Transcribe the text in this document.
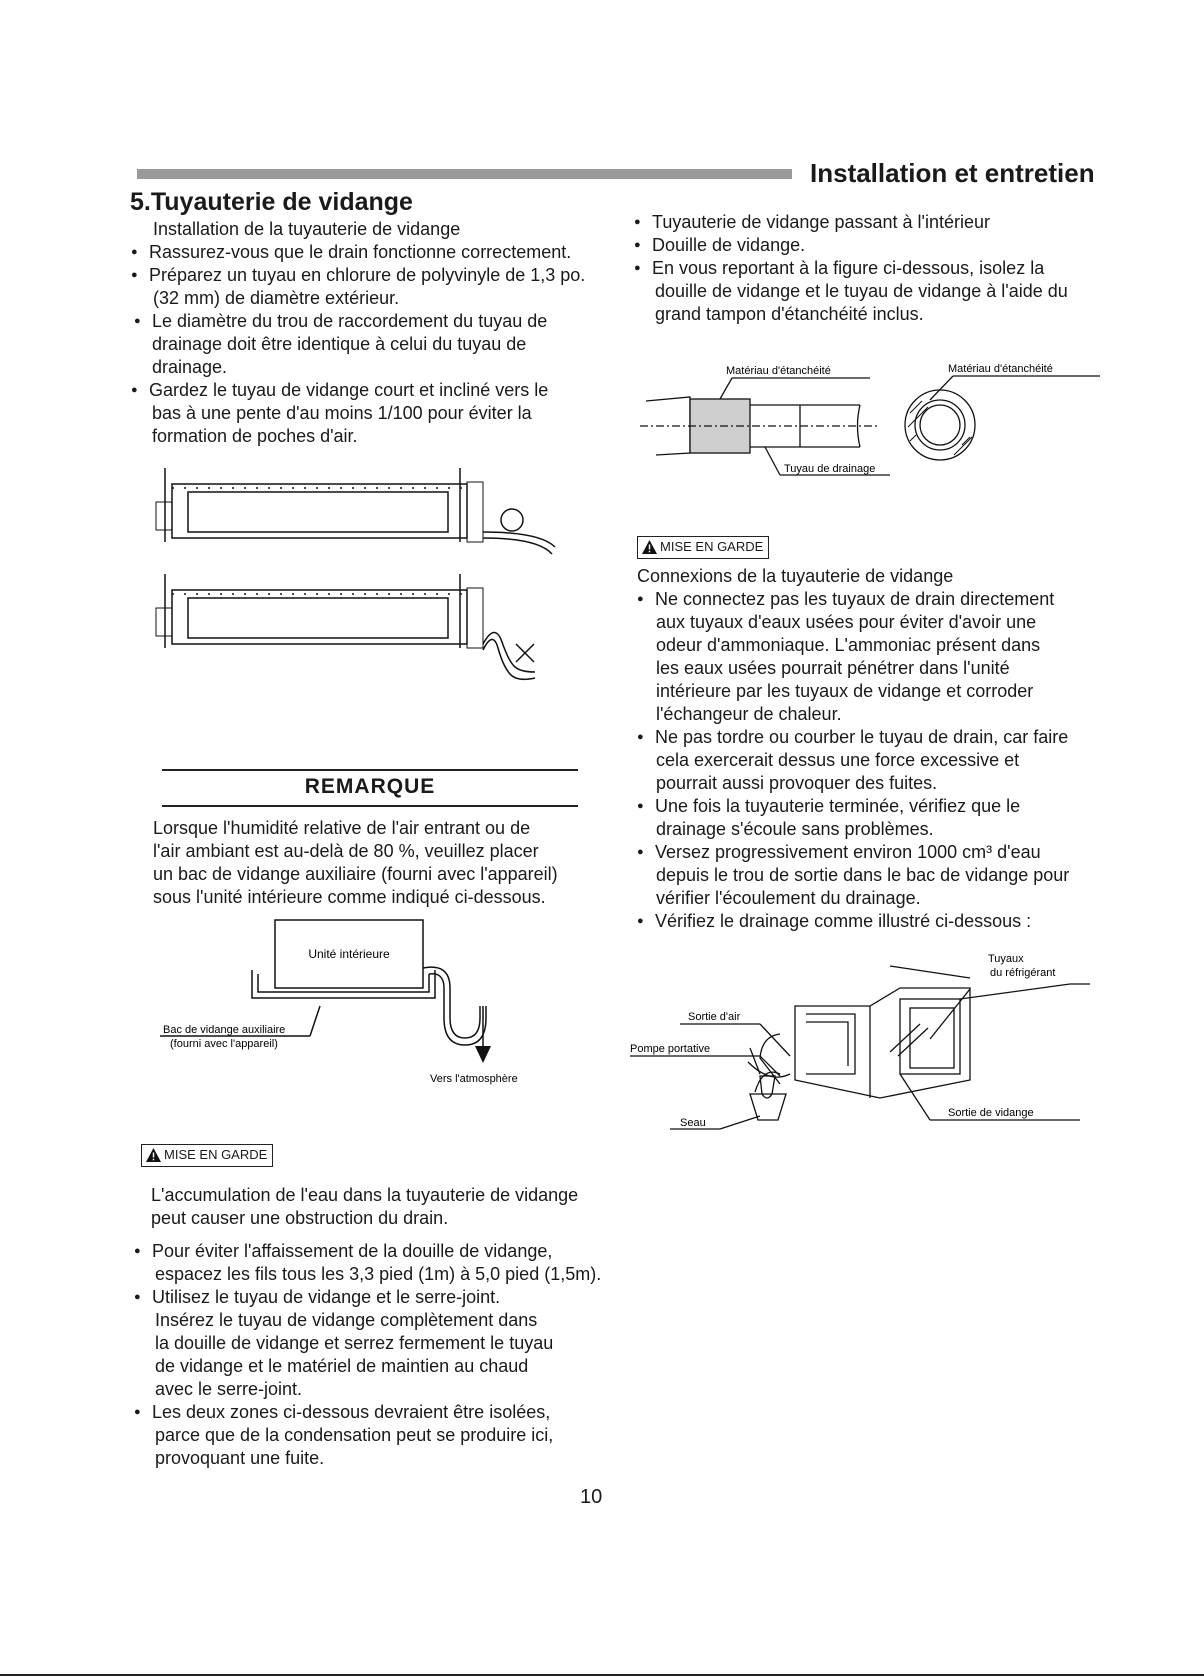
Installation et entretien
5.Tuyauterie de vidange
Installation de la tuyauterie de vidange
● Rassurez-vous que le drain fonctionne correctement.
● Préparez un tuyau en chlorure de polyvinyle de 1,3 po.
(32 mm) de diamètre extérieur.
● Le diamètre du trou de raccordement du tuyau de
drainage doit être identique à celui du tuyau de
drainage.
● Gardez le tuyau de vidange court et incliné vers le
bas à une pente d'au moins 1/100 pour éviter la
formation de poches d'air.
REMARQUE
Lorsque l'humidité relative de l'air entrant ou de
l'air ambiant est au-delà de 80 %, veuillez placer
un bac de vidange auxiliaire (fourni avec l'appareil)
sous l'unité intérieure comme indiqué ci-dessous.
Unité intérieure
Bac de vidange auxiliaire
(fourni avec l'appareil)
Vers l'atmosphère
MISE EN GARDE
L'accumulation de l'eau dans la tuyauterie de vidange
peut causer une obstruction du drain.
● Pour éviter l'affaissement de la douille de vidange,
espacez les fils tous les 3,3 pied (1m) à 5,0 pied (1,5m).
● Utilisez le tuyau de vidange et le serre-joint.
Insérez le tuyau de vidange complètement dans
la douille de vidange et serrez fermement le tuyau
de vidange et le matériel de maintien au chaud
avec le serre-joint.
● Les deux zones ci-dessous devraient être isolées,
parce que de la condensation peut se produire ici,
provoquant une fuite.
● Tuyauterie de vidange passant à l'intérieur
● Douille de vidange.
● En vous reportant à la figure ci-dessous, isolez la
douille de vidange et le tuyau de vidange à l'aide du
grand tampon d'étanchéité inclus.
Matériau d'étanchéité	Matériau d'étanchéité
Tuyau de drainage
MISE EN GARDE
Connexions de la tuyauterie de vidange
● Ne connectez pas les tuyaux de drain directement
aux tuyaux d'eaux usées pour éviter d'avoir une
odeur d'ammoniaque. L'ammoniac présent dans
les eaux usées pourrait pénétrer dans l'unité
intérieure par les tuyaux de vidange et corroder
l'échangeur de chaleur.
● Ne pas tordre ou courber le tuyau de drain, car faire
cela exercerait dessus une force excessive et
pourrait aussi provoquer des fuites.
● Une fois la tuyauterie terminée, vérifiez que le
drainage s'écoule sans problèmes.
● Versez progressivement environ 1000 cm³ d'eau
depuis le trou de sortie dans le bac de vidange pour
vérifier l'écoulement du drainage.
● Vérifiez le drainage comme illustré ci-dessous :
Tuyaux
du réfrigérant
Sortie d'air
Pompe portative
Sortie de vidange
Seau
10
